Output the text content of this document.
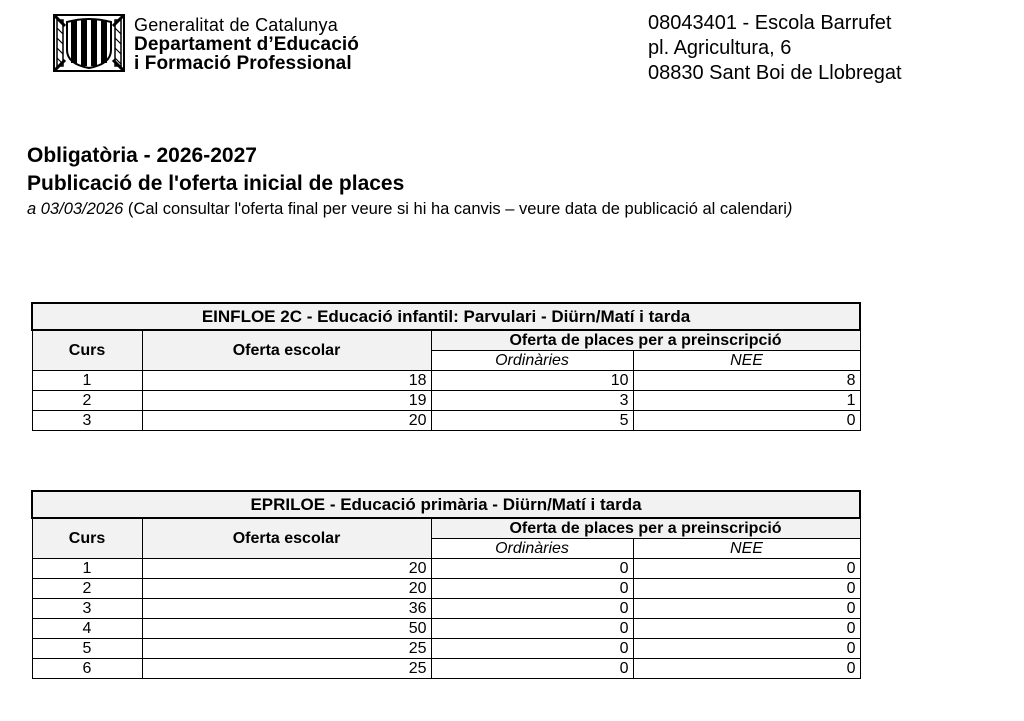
Generalitat de Catalunya
Departament d’Educació
i Formació Professional
08043401 - Escola Barrufet
pl. Agricultura, 6
08830 Sant Boi de Llobregat
Obligatòria - 2026-2027
Publicació de l'oferta inicial de places
a 03/03/2026 (Cal consultar l'oferta final per veure si hi ha canvis – veure data de publicació al calendari)
EINFLOE 2C - Educació infantil: Parvulari - Diürn/Matí i tarda			
Curs	Oferta escolar	Oferta de places per a preinscripció	
		Ordinàries	NEE
1	18	10	8
2	19	3	1
3	20	5	0
EPRILOE - Educació primària - Diürn/Matí i tarda			
Curs	Oferta escolar	Oferta de places per a preinscripció	
		Ordinàries	NEE
1	20	0	0
2	20	0	0
3	36	0	0
4	50	0	0
5	25	0	0
6	25	0	0
